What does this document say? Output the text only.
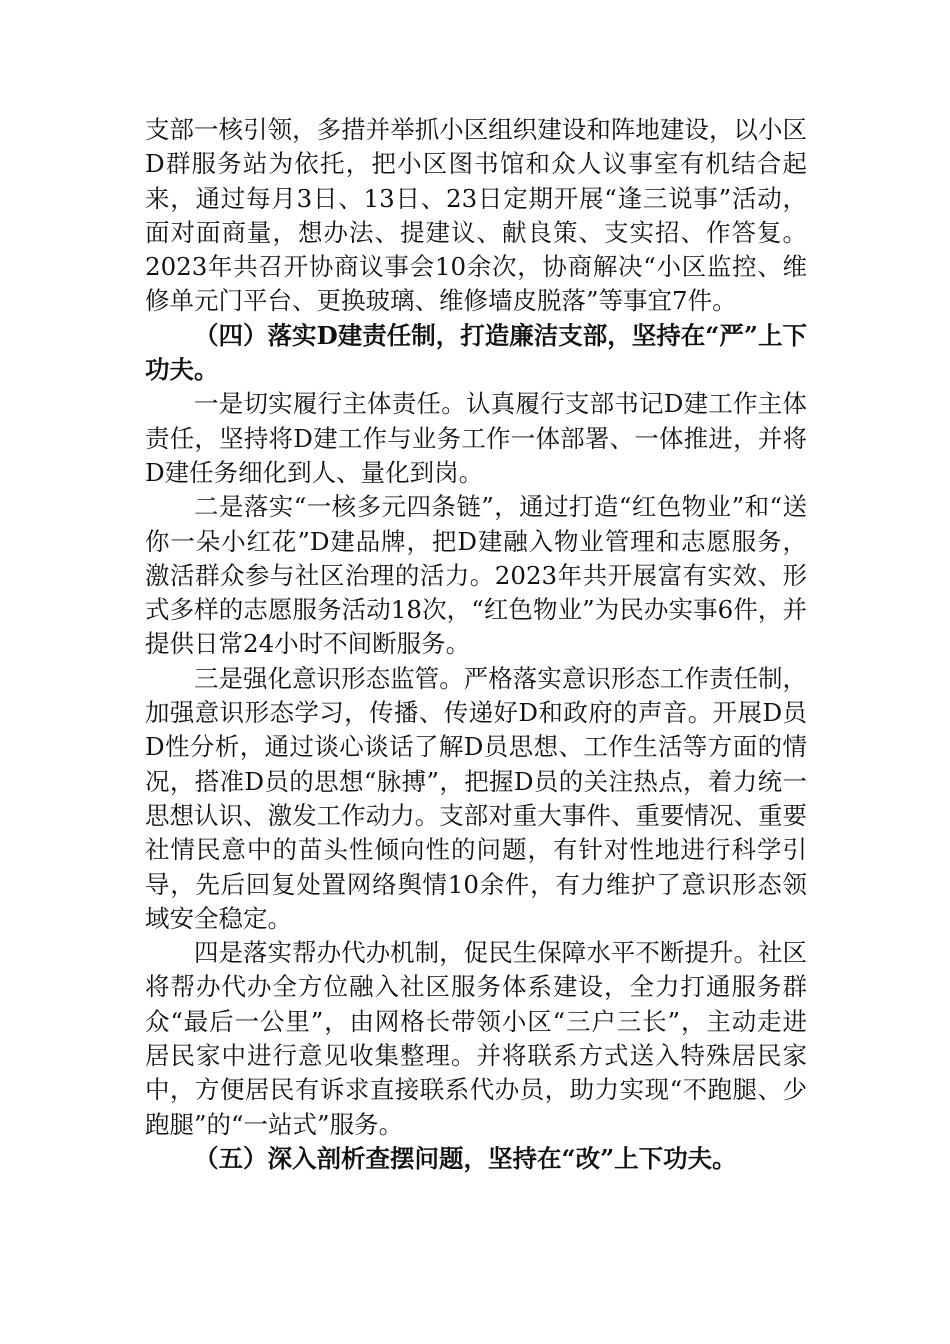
支部一核引领，多措并举抓小区组织建设和阵地建设，以小区D群服务站为依托，把小区图书馆和众人议事室有机结合起来，通过每月3日、13日、23日定期开展“逢三说事”活动，面对面商量，想办法、提建议、献良策、支实招、作答复。2023年共召开协商议事会10余次，协商解决“小区监控、维修单元门平台、更换玻璃、维修墙皮脱落”等事宜7件。

（四）落实D建责任制，打造廉洁支部，坚持在“严”上下功夫。

一是切实履行主体责任。认真履行支部书记D建工作主体责任，坚持将D建工作与业务工作一体部署、一体推进，并将D建任务细化到人、量化到岗。

二是落实“一核多元四条链”，通过打造“红色物业”和“送你一朵小红花”D建品牌，把D建融入物业管理和志愿服务，激活群众参与社区治理的活力。2023年共开展富有实效、形式多样的志愿服务活动18次，“红色物业”为民办实事6件，并提供日常24小时不间断服务。

三是强化意识形态监管。严格落实意识形态工作责任制，加强意识形态学习，传播、传递好D和政府的声音。开展D员D性分析，通过谈心谈话了解D员思想、工作生活等方面的情况，搭准D员的思想“脉搏”，把握D员的关注热点，着力统一思想认识、激发工作动力。支部对重大事件、重要情况、重要社情民意中的苗头性倾向性的问题，有针对性地进行科学引导，先后回复处置网络舆情10余件，有力维护了意识形态领域安全稳定。

四是落实帮办代办机制，促民生保障水平不断提升。社区将帮办代办全方位融入社区服务体系建设，全力打通服务群众“最后一公里”，由网格长带领小区“三户三长”，主动走进居民家中进行意见收集整理。并将联系方式送入特殊居民家中，方便居民有诉求直接联系代办员，助力实现“不跑腿、少跑腿”的“一站式”服务。

（五）深入剖析查摆问题，坚持在“改”上下功夫。
